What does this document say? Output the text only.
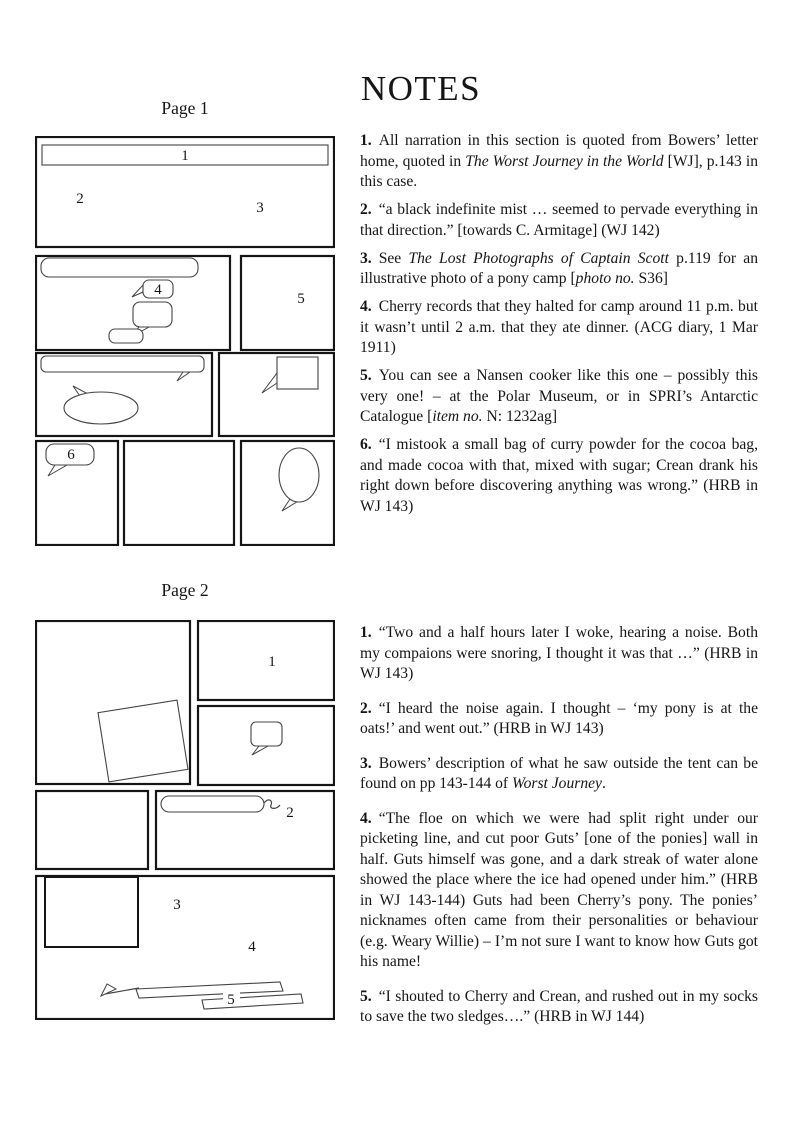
NOTES
Page 1
1
2
3
4
5
6

1. All narration in this section is quoted from Bowers’ letter home, quoted in The Worst Journey in the World [WJ], p.143 in this case.

2. “a black indefinite mist … seemed to pervade everything in that direction.” [towards C. Armitage] (WJ 142)

3. See The Lost Photographs of Captain Scott p.119 for an illustrative photo of a pony camp [photo no. S36]

4. Cherry records that they halted for camp around 11 p.m. but it wasn’t until 2 a.m. that they ate dinner. (ACG diary, 1 Mar 1911)

5. You can see a Nansen cooker like this one – possibly this very one! – at the Polar Museum, or in SPRI’s Antarctic Catalogue [item no. N: 1232ag]

6. “I mistook a small bag of curry powder for the cocoa bag, and made cocoa with that, mixed with sugar; Crean drank his right down before discovering anything was wrong.” (HRB in WJ 143)

Page 2
1
2
3
4
5

1. “Two and a half hours later I woke, hearing a noise. Both my compaions were snoring, I thought it was that …” (HRB in WJ 143)

2. “I heard the noise again. I thought – ‘my pony is at the oats!’ and went out.” (HRB in WJ 143)

3. Bowers’ description of what he saw outside the tent can be found on pp 143-144 of Worst Journey.

4. “The floe on which we were had split right under our picketing line, and cut poor Guts’ [one of the ponies] wall in half. Guts himself was gone, and a dark streak of water alone showed the place where the ice had opened under him.” (HRB in WJ 143-144) Guts had been Cherry’s pony. The ponies’ nicknames often came from their personalities or behaviour (e.g. Weary Willie) – I’m not sure I want to know how Guts got his name!

5. “I shouted to Cherry and Crean, and rushed out in my socks to save the two sledges….” (HRB in WJ 144)
